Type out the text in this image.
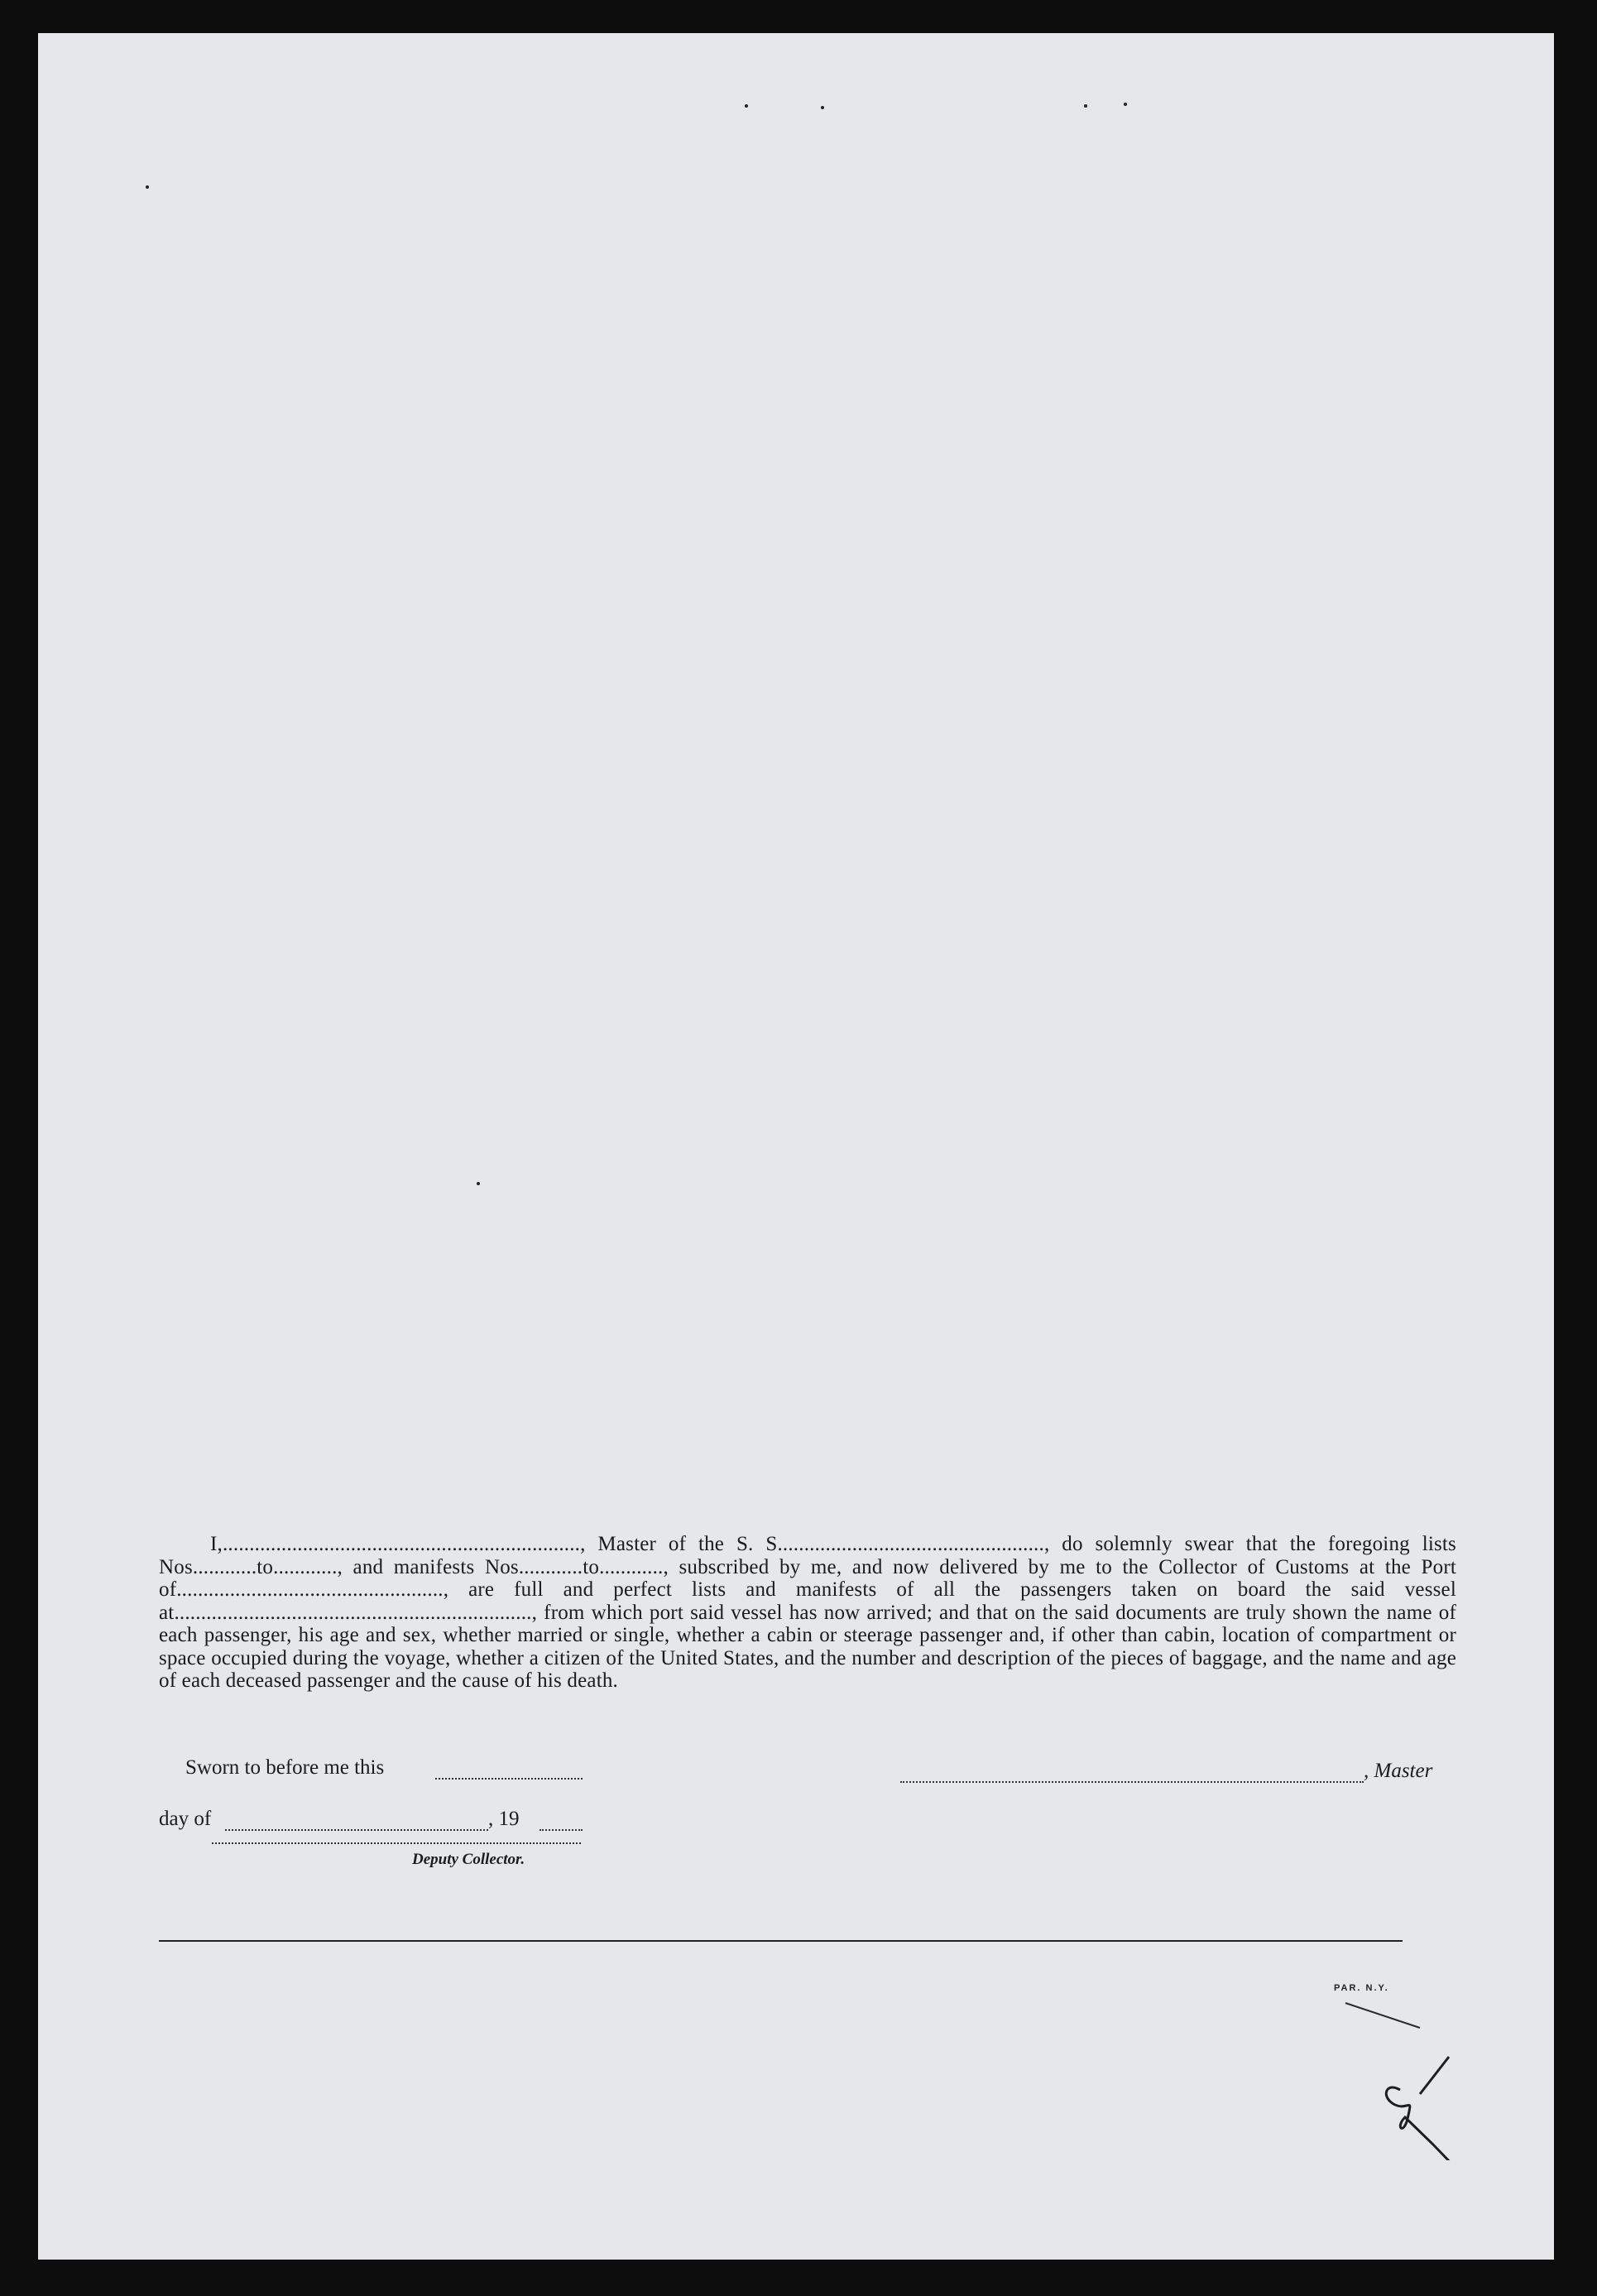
I,..................................................................., Master of the S. S.................................................., do solemnly swear that the foregoing lists Nos............to............, and manifests Nos............to............, subscribed by me, and now delivered by me to the Collector of Customs at the Port of.................................................., are full and perfect lists and manifests of all the passengers taken on board the said vessel at..................................................................., from which port said vessel has now arrived; and that on the said documents are truly shown the name of each passenger, his age and sex, whether married or single, whether a cabin or steerage passenger and, if other than cabin, location of compartment or space occupied during the voyage, whether a citizen of the United States, and the number and description of the pieces of baggage, and the name and age of each deceased passenger and the cause of his death.

Sworn to before me this	, Master
day of	, 19
Deputy Collector.
PAR. N.Y.
